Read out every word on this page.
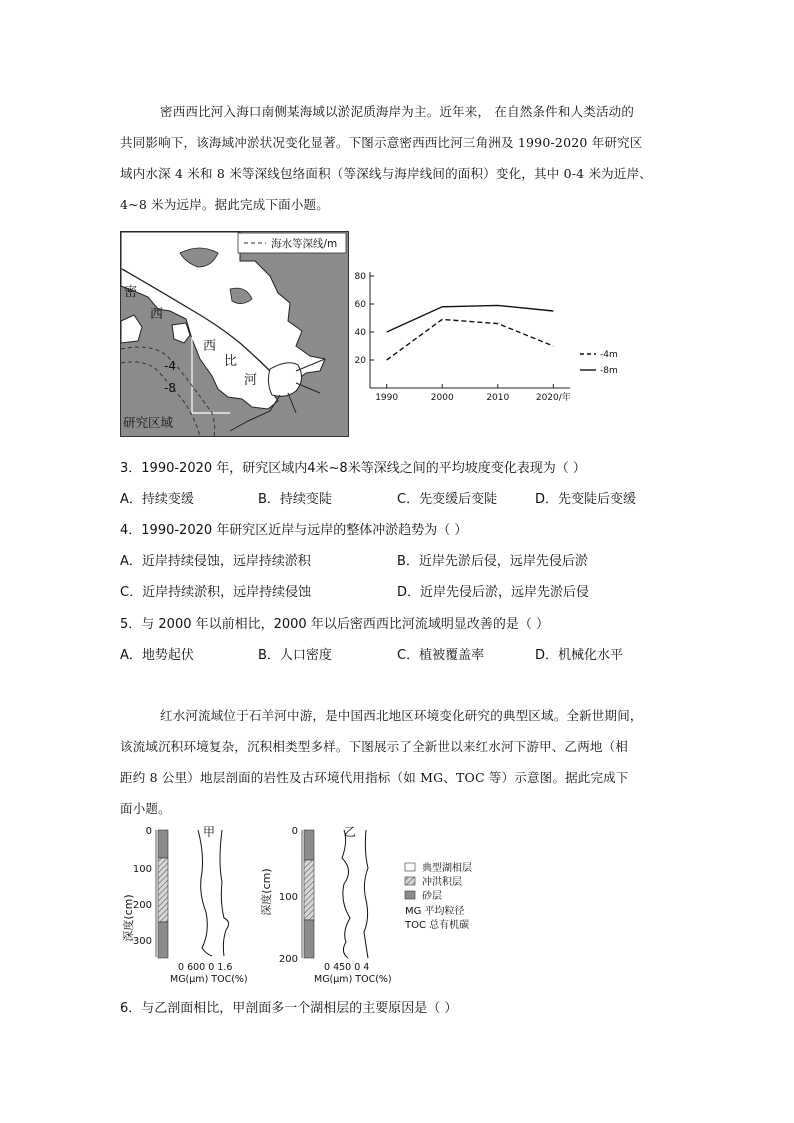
密西西比河入海口南侧某海域以淤泥质海岸为主。近年来， 在自然条件和人类活动的
共同影响下，该海域冲淤状况变化显著。下图示意密西西比河三角洲及 1990-2020 年研究区
域内水深 4 米和 8 米等深线包络面积（等深线与海岸线间的面积）变化，其中 0-4 米为近岸、
4~8 米为远岸。据此完成下面小题。
海水等深线/m
密
西
西
比
河
-4
-8
研究区域
20
40
60
80
1990	2000	2010	2020/年
-4m
-8m
3．1990-2020 年，研究区域内4米~8米等深线之间的平均坡度变化表现为（ ）
A．持续变缓	B．持续变陡	C．先变缓后变陡	D．先变陡后变缓
4．1990-2020 年研究区近岸与远岸的整体冲淤趋势为（ ）
A．近岸持续侵蚀，远岸持续淤积	B．近岸先淤后侵，远岸先侵后淤
C．近岸持续淤积，远岸持续侵蚀	D．近岸先侵后淤，远岸先淤后侵
5．与 2000 年以前相比，2000 年以后密西西比河流域明显改善的是（ ）
A．地势起伏	B．人口密度	C．植被覆盖率	D．机械化水平
红水河流域位于石羊河中游，是中国西北地区环境变化研究的典型区域。全新世期间，
该流域沉积环境复杂，沉积相类型多样。下图展示了全新世以来红水河下游甲、乙两地（相
距约 8 公里）地层剖面的岩性及古环境代用指标（如 MG、TOC 等）示意图。据此完成下
面小题。
甲
深度(cm)
0
100
200
300
0 600 0 1.6
MG(μm) TOC(%)
乙
深度(cm)
0
100
200
0 450 0 4
MG(μm) TOC(%)
典型湖相层
冲洪积层
砂层
MG 平均粒径
TOC 总有机碳
6．与乙剖面相比，甲剖面多一个湖相层的主要原因是（ ）
